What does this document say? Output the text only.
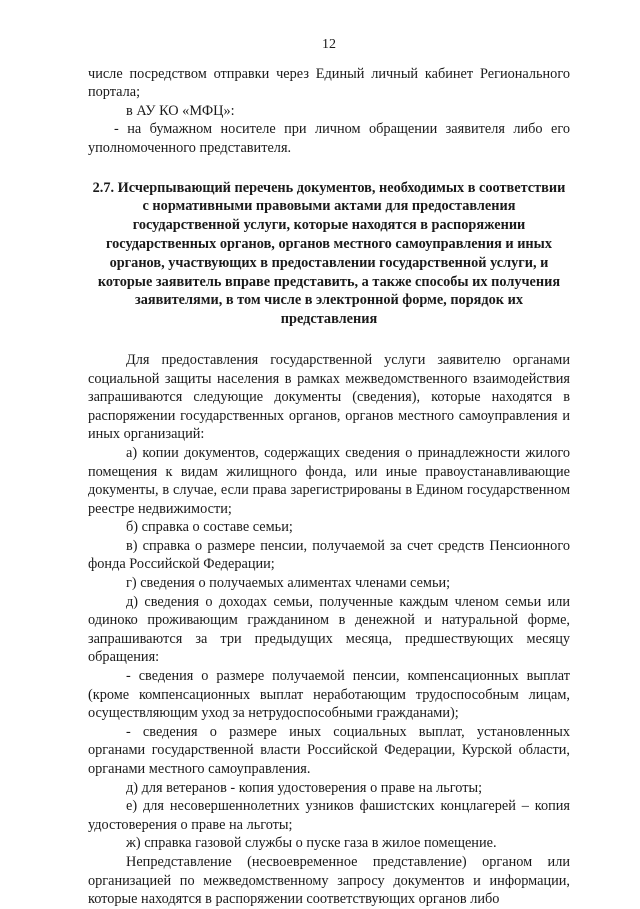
12

числе посредством отправки через Единый личный кабинет Регионального портала;

в АУ КО «МФЦ»:

- на бумажном носителе при личном обращении заявителя либо его уполномоченного представителя.

2.7. Исчерпывающий перечень документов, необходимых в соответствии с нормативными правовыми актами для предоставления государственной услуги, которые находятся в распоряжении государственных органов, органов местного самоуправления и иных органов, участвующих в предоставлении государственной услуги, и которые заявитель вправе представить, а также способы их получения заявителями, в том числе в электронной форме, порядок их представления

Для предоставления государственной услуги заявителю органами социальной защиты населения в рамках межведомственного взаимодействия запрашиваются следующие документы (сведения), которые находятся в распоряжении государственных органов, органов местного самоуправления и иных организаций:

а) копии документов, содержащих сведения о принадлежности жилого помещения к видам жилищного фонда, или иные правоустанавливающие документы, в случае, если права зарегистрированы в Едином государственном реестре недвижимости;

б) справка о составе семьи;

в) справка о размере пенсии, получаемой за счет средств Пенсионного фонда Российской Федерации;

г) сведения о получаемых алиментах членами семьи;

д) сведения о доходах семьи, полученные каждым членом семьи или одиноко проживающим гражданином в денежной и натуральной форме, запрашиваются за три предыдущих месяца, предшествующих месяцу обращения:

- сведения о размере получаемой пенсии, компенсационных выплат (кроме компенсационных выплат неработающим трудоспособным лицам, осуществляющим уход за нетрудоспособными гражданами);

- сведения о размере иных социальных выплат, установленных органами государственной власти Российской Федерации, Курской области, органами местного самоуправления.

д) для ветеранов - копия удостоверения о праве на льготы;

е) для несовершеннолетних узников фашистских концлагерей – копия удостоверения о праве на льготы;

ж) справка газовой службы о пуске газа в жилое помещение.

Непредставление (несвоевременное представление) органом или организацией по межведомственному запросу документов и информации, которые находятся в распоряжении соответствующих органов либо
